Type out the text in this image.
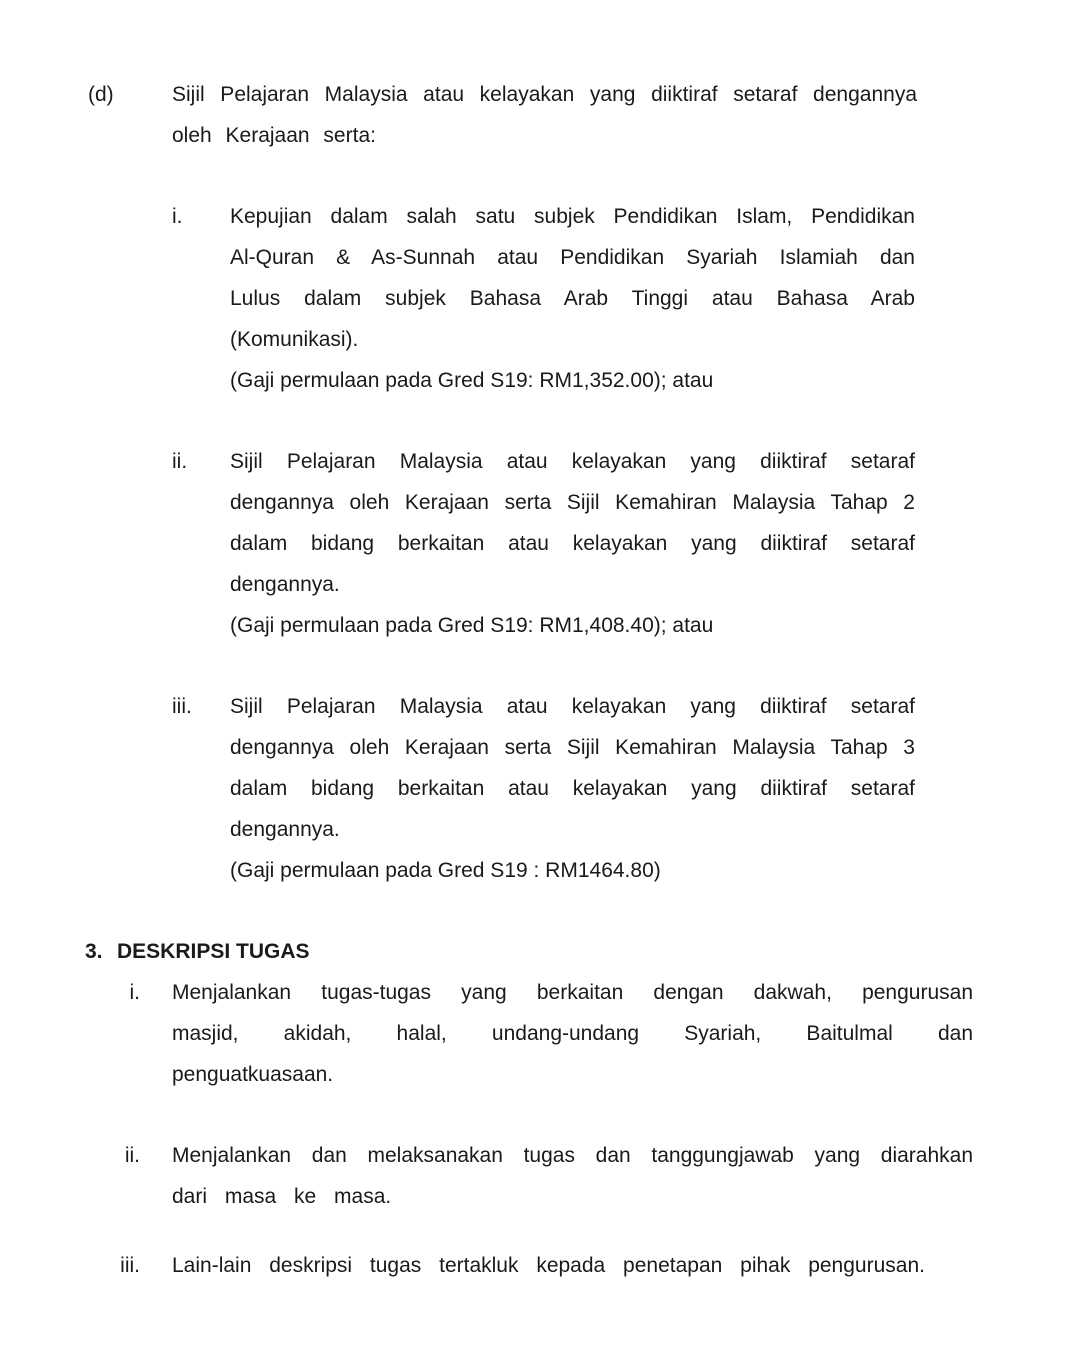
(d)	Sijil Pelajaran Malaysia atau kelayakan yang diiktiraf setaraf dengannya oleh Kerajaan serta:
i.	Kepujian dalam salah satu subjek Pendidikan Islam, Pendidikan Al-Quran & As-Sunnah atau Pendidikan Syariah Islamiah dan Lulus dalam subjek Bahasa Arab Tinggi atau Bahasa Arab (Komunikasi).
(Gaji permulaan pada Gred S19: RM1,352.00); atau
ii.	Sijil Pelajaran Malaysia atau kelayakan yang diiktiraf setaraf dengannya oleh Kerajaan serta Sijil Kemahiran Malaysia Tahap 2 dalam bidang berkaitan atau kelayakan yang diiktiraf setaraf dengannya.
(Gaji permulaan pada Gred S19: RM1,408.40); atau
iii.	Sijil Pelajaran Malaysia atau kelayakan yang diiktiraf setaraf dengannya oleh Kerajaan serta Sijil Kemahiran Malaysia Tahap 3 dalam bidang berkaitan atau kelayakan yang diiktiraf setaraf dengannya.
(Gaji permulaan pada Gred S19 : RM1464.80)
3. DESKRIPSI TUGAS
i. Menjalankan tugas-tugas yang berkaitan dengan dakwah, pengurusan masjid, akidah, halal, undang-undang Syariah, Baitulmal dan penguatkuasaan.
ii. Menjalankan dan melaksanakan tugas dan tanggungjawab yang diarahkan dari masa ke masa.
iii. Lain-lain deskripsi tugas tertakluk kepada penetapan pihak pengurusan.
